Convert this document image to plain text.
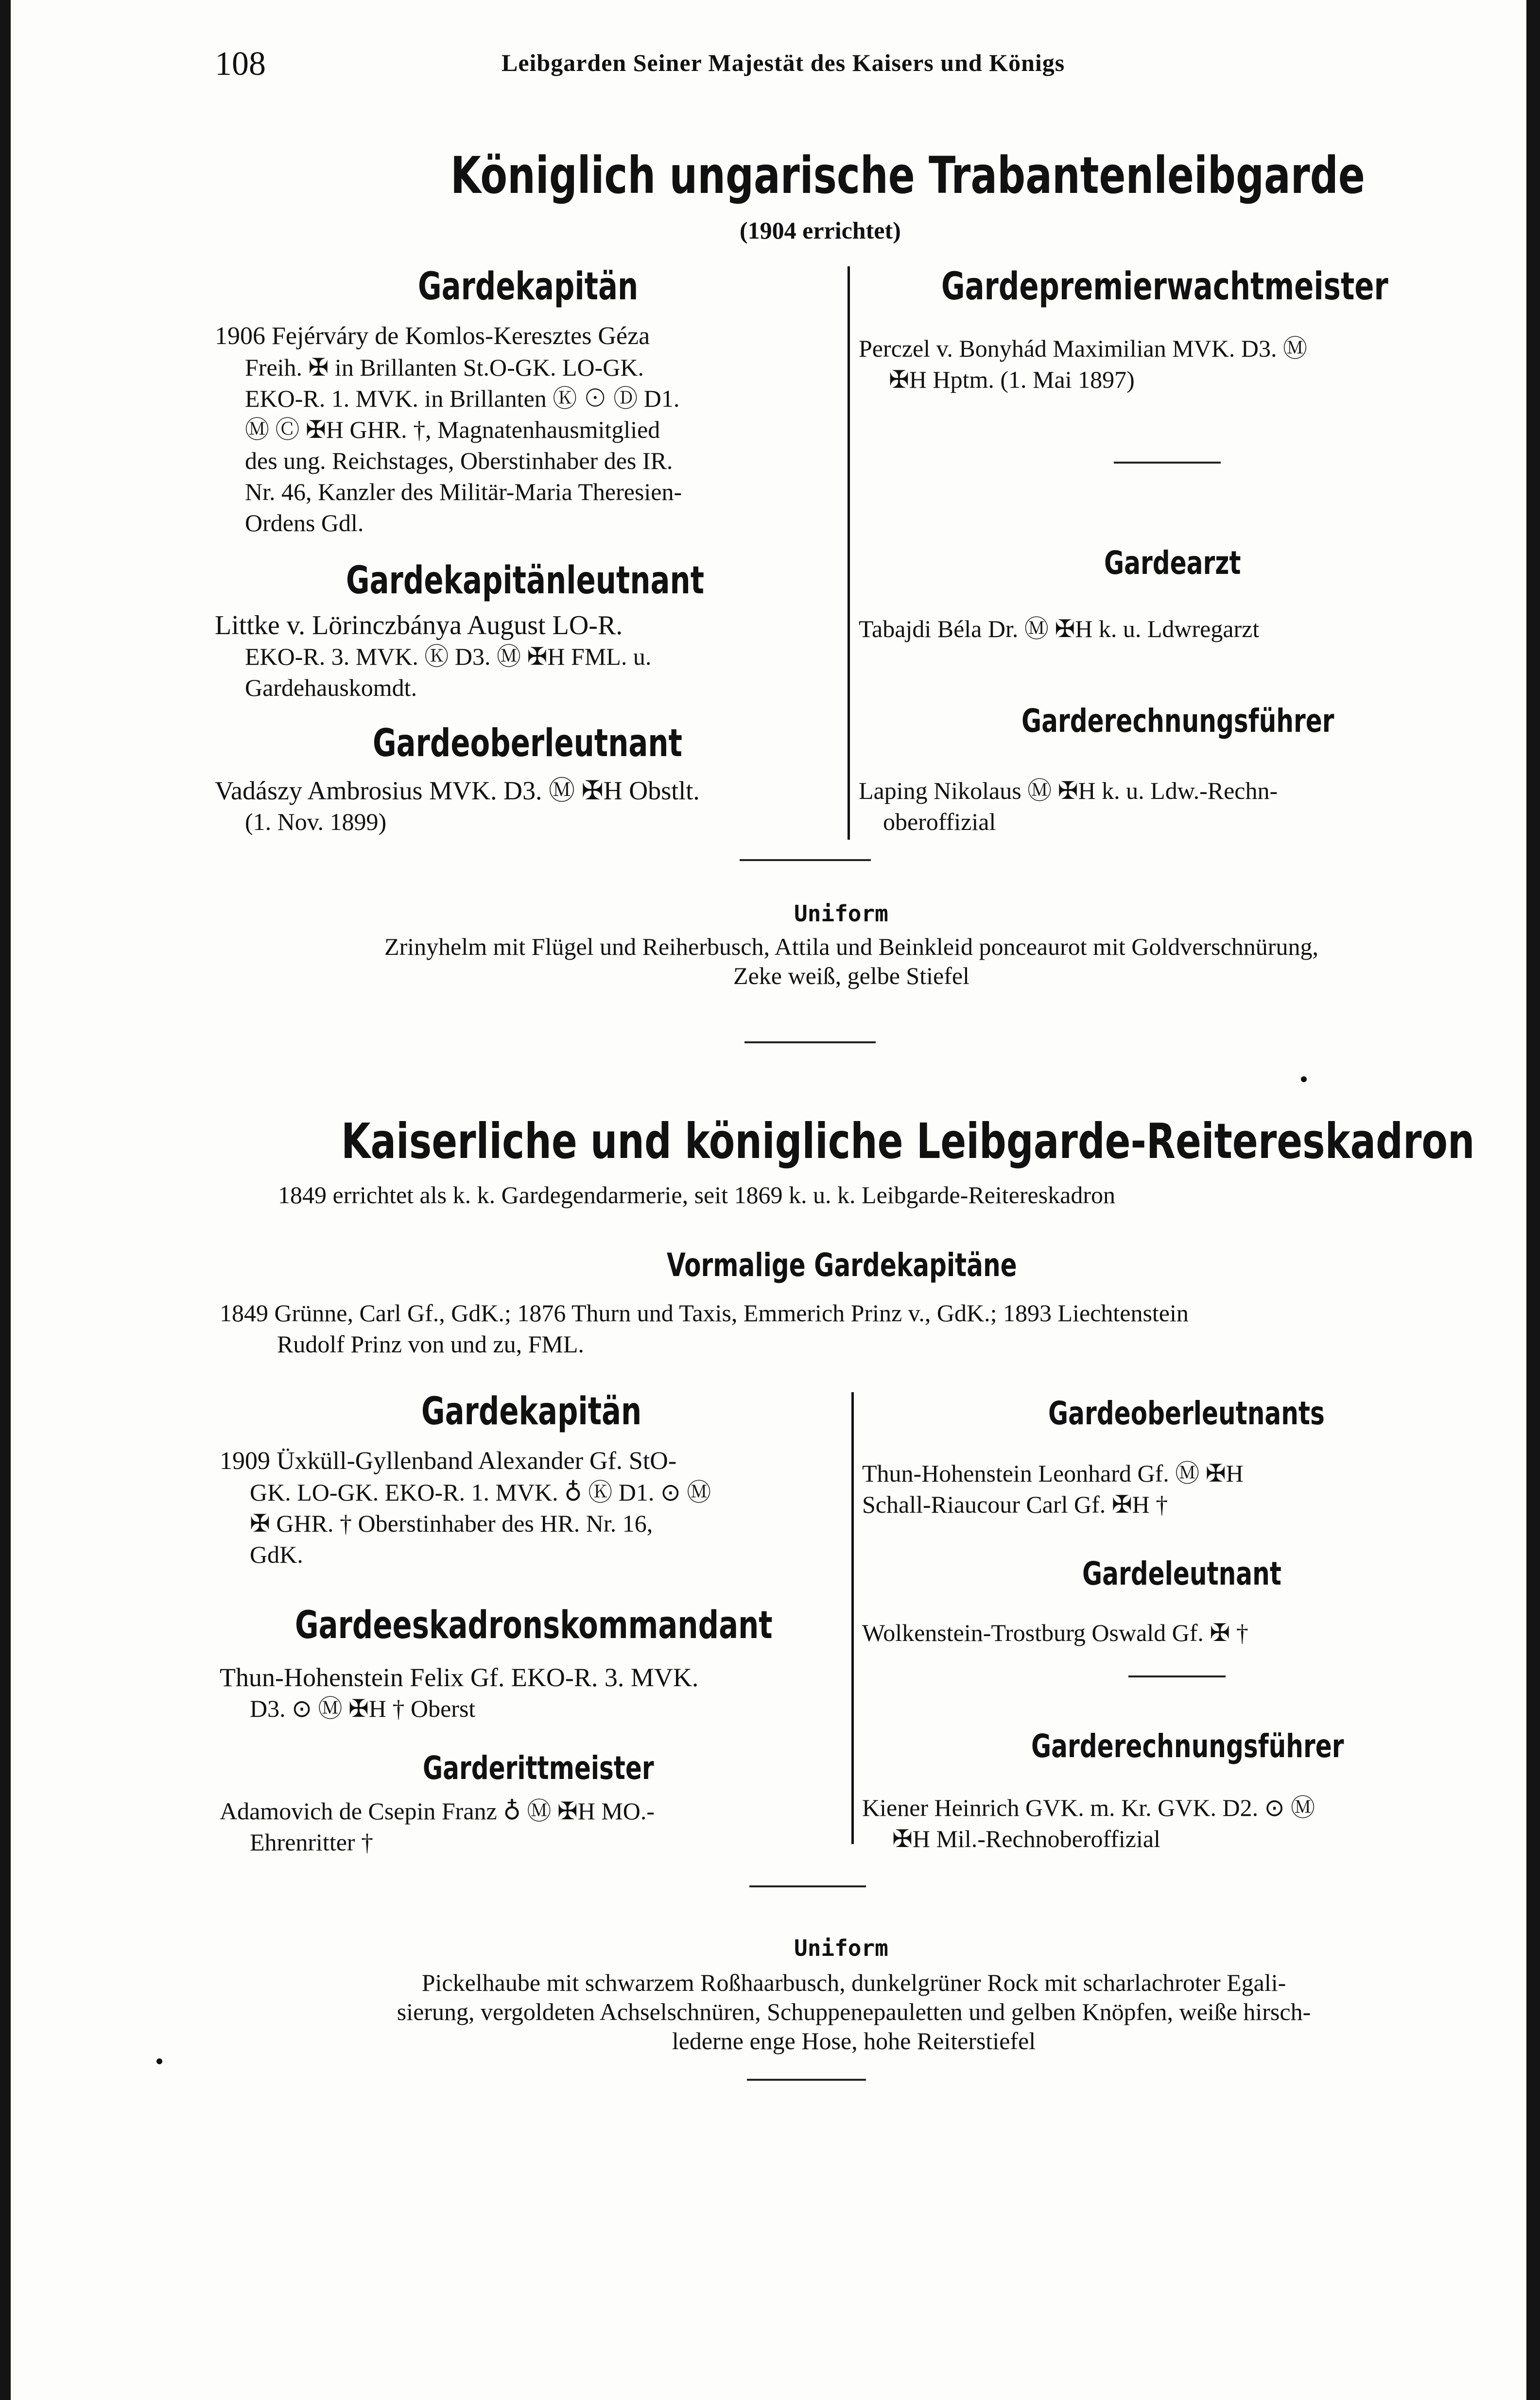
108	Leibgarden Seiner Majestät des Kaisers und Königs
Königlich ungarische Trabantenleibgarde
(1904 errichtet)
Gardekapitän
1906 Fejérváry de Komlos-Keresztes Géza
Freih. ✠ in Brillanten St.O-GK. LO-GK.
EKO-R. 1. MVK. in Brillanten Ⓚ ⊙ Ⓓ D1.
Ⓜ Ⓒ ✠H GHR. †, Magnatenhausmitglied
des ung. Reichstages, Oberstinhaber des IR.
Nr. 46, Kanzler des Militär-Maria Theresien-
Ordens Gdl.
Gardekapitänleutnant
Littke v. Lörinczbánya August LO-R.
EKO-R. 3. MVK. Ⓚ D3. Ⓜ ✠H FML. u.
Gardehauskomdt.
Gardeoberleutnant
Vadászy Ambrosius MVK. D3. Ⓜ ✠H Obstlt.
(1. Nov. 1899)
Gardepremierwachtmeister
Perczel v. Bonyhád Maximilian MVK. D3. Ⓜ
✠H Hptm. (1. Mai 1897)
Gardearzt
Tabajdi Béla Dr. Ⓜ ✠H k. u. Ldwregarzt
Garderechnungsführer
Laping Nikolaus Ⓜ ✠H k. u. Ldw.-Rechn-
oberoffizial
Uniform
Zrinyhelm mit Flügel und Reiherbusch, Attila und Beinkleid ponceaurot mit Goldverschnürung,
Zeke weiß, gelbe Stiefel
Kaiserliche und königliche Leibgarde-Reitereskadron
1849 errichtet als k. k. Gardegendarmerie, seit 1869 k. u. k. Leibgarde-Reitereskadron
Vormalige Gardekapitäne
1849 Grünne, Carl Gf., GdK.; 1876 Thurn und Taxis, Emmerich Prinz v., GdK.; 1893 Liechtenstein
Rudolf Prinz von und zu, FML.
Gardekapitän
1909 Üxküll-Gyllenband Alexander Gf. StO-
GK. LO-GK. EKO-R. 1. MVK. ♁ Ⓚ D1. ⊙ Ⓜ
✠ GHR. † Oberstinhaber des HR. Nr. 16,
GdK.
Gardeeskadronskommandant
Thun-Hohenstein Felix Gf. EKO-R. 3. MVK.
D3. ⊙ Ⓜ ✠H † Oberst
Garderittmeister
Adamovich de Csepin Franz ♁ Ⓜ ✠H MO.-
Ehrenritter †
Gardeoberleutnants
Thun-Hohenstein Leonhard Gf. Ⓜ ✠H
Schall-Riaucour Carl Gf. ✠H †
Gardeleutnant
Wolkenstein-Trostburg Oswald Gf. ✠ †
Garderechnungsführer
Kiener Heinrich GVK. m. Kr. GVK. D2. ⊙ Ⓜ
✠H Mil.-Rechnoberoffizial
Uniform
Pickelhaube mit schwarzem Roßhaarbusch, dunkelgrüner Rock mit scharlachroter Egali-
sierung, vergoldeten Achselschnüren, Schuppenepauletten und gelben Knöpfen, weiße hirsch-
lederne enge Hose, hohe Reiterstiefel
